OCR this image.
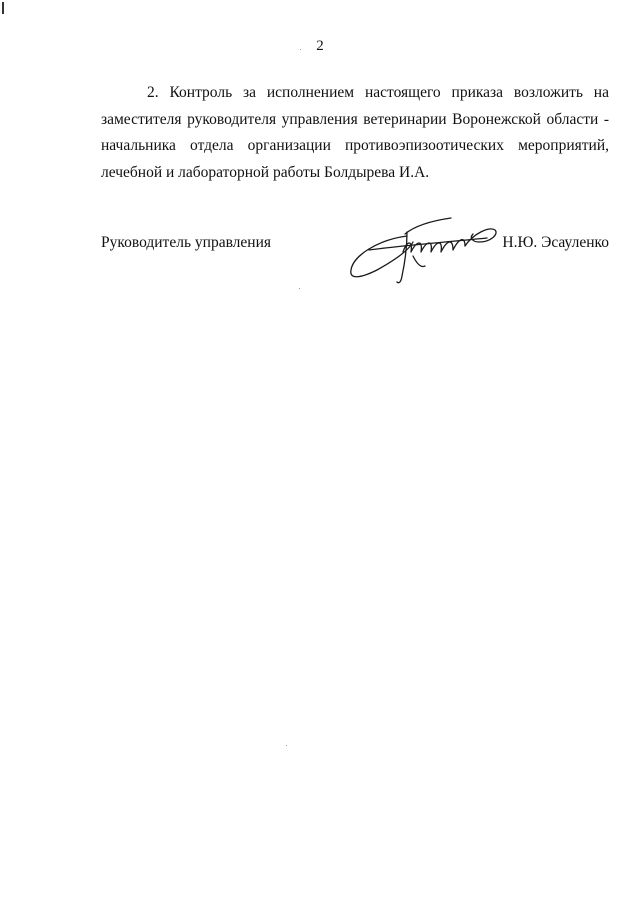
2

2. Контроль за исполнением настоящего приказа возложить на заместителя руководителя управления ветеринарии Воронежской области - начальника отдела организации противоэпизоотических мероприятий, лечебной и лабораторной работы Болдырева И.А.

Руководитель управления	Н.Ю. Эсауленко
